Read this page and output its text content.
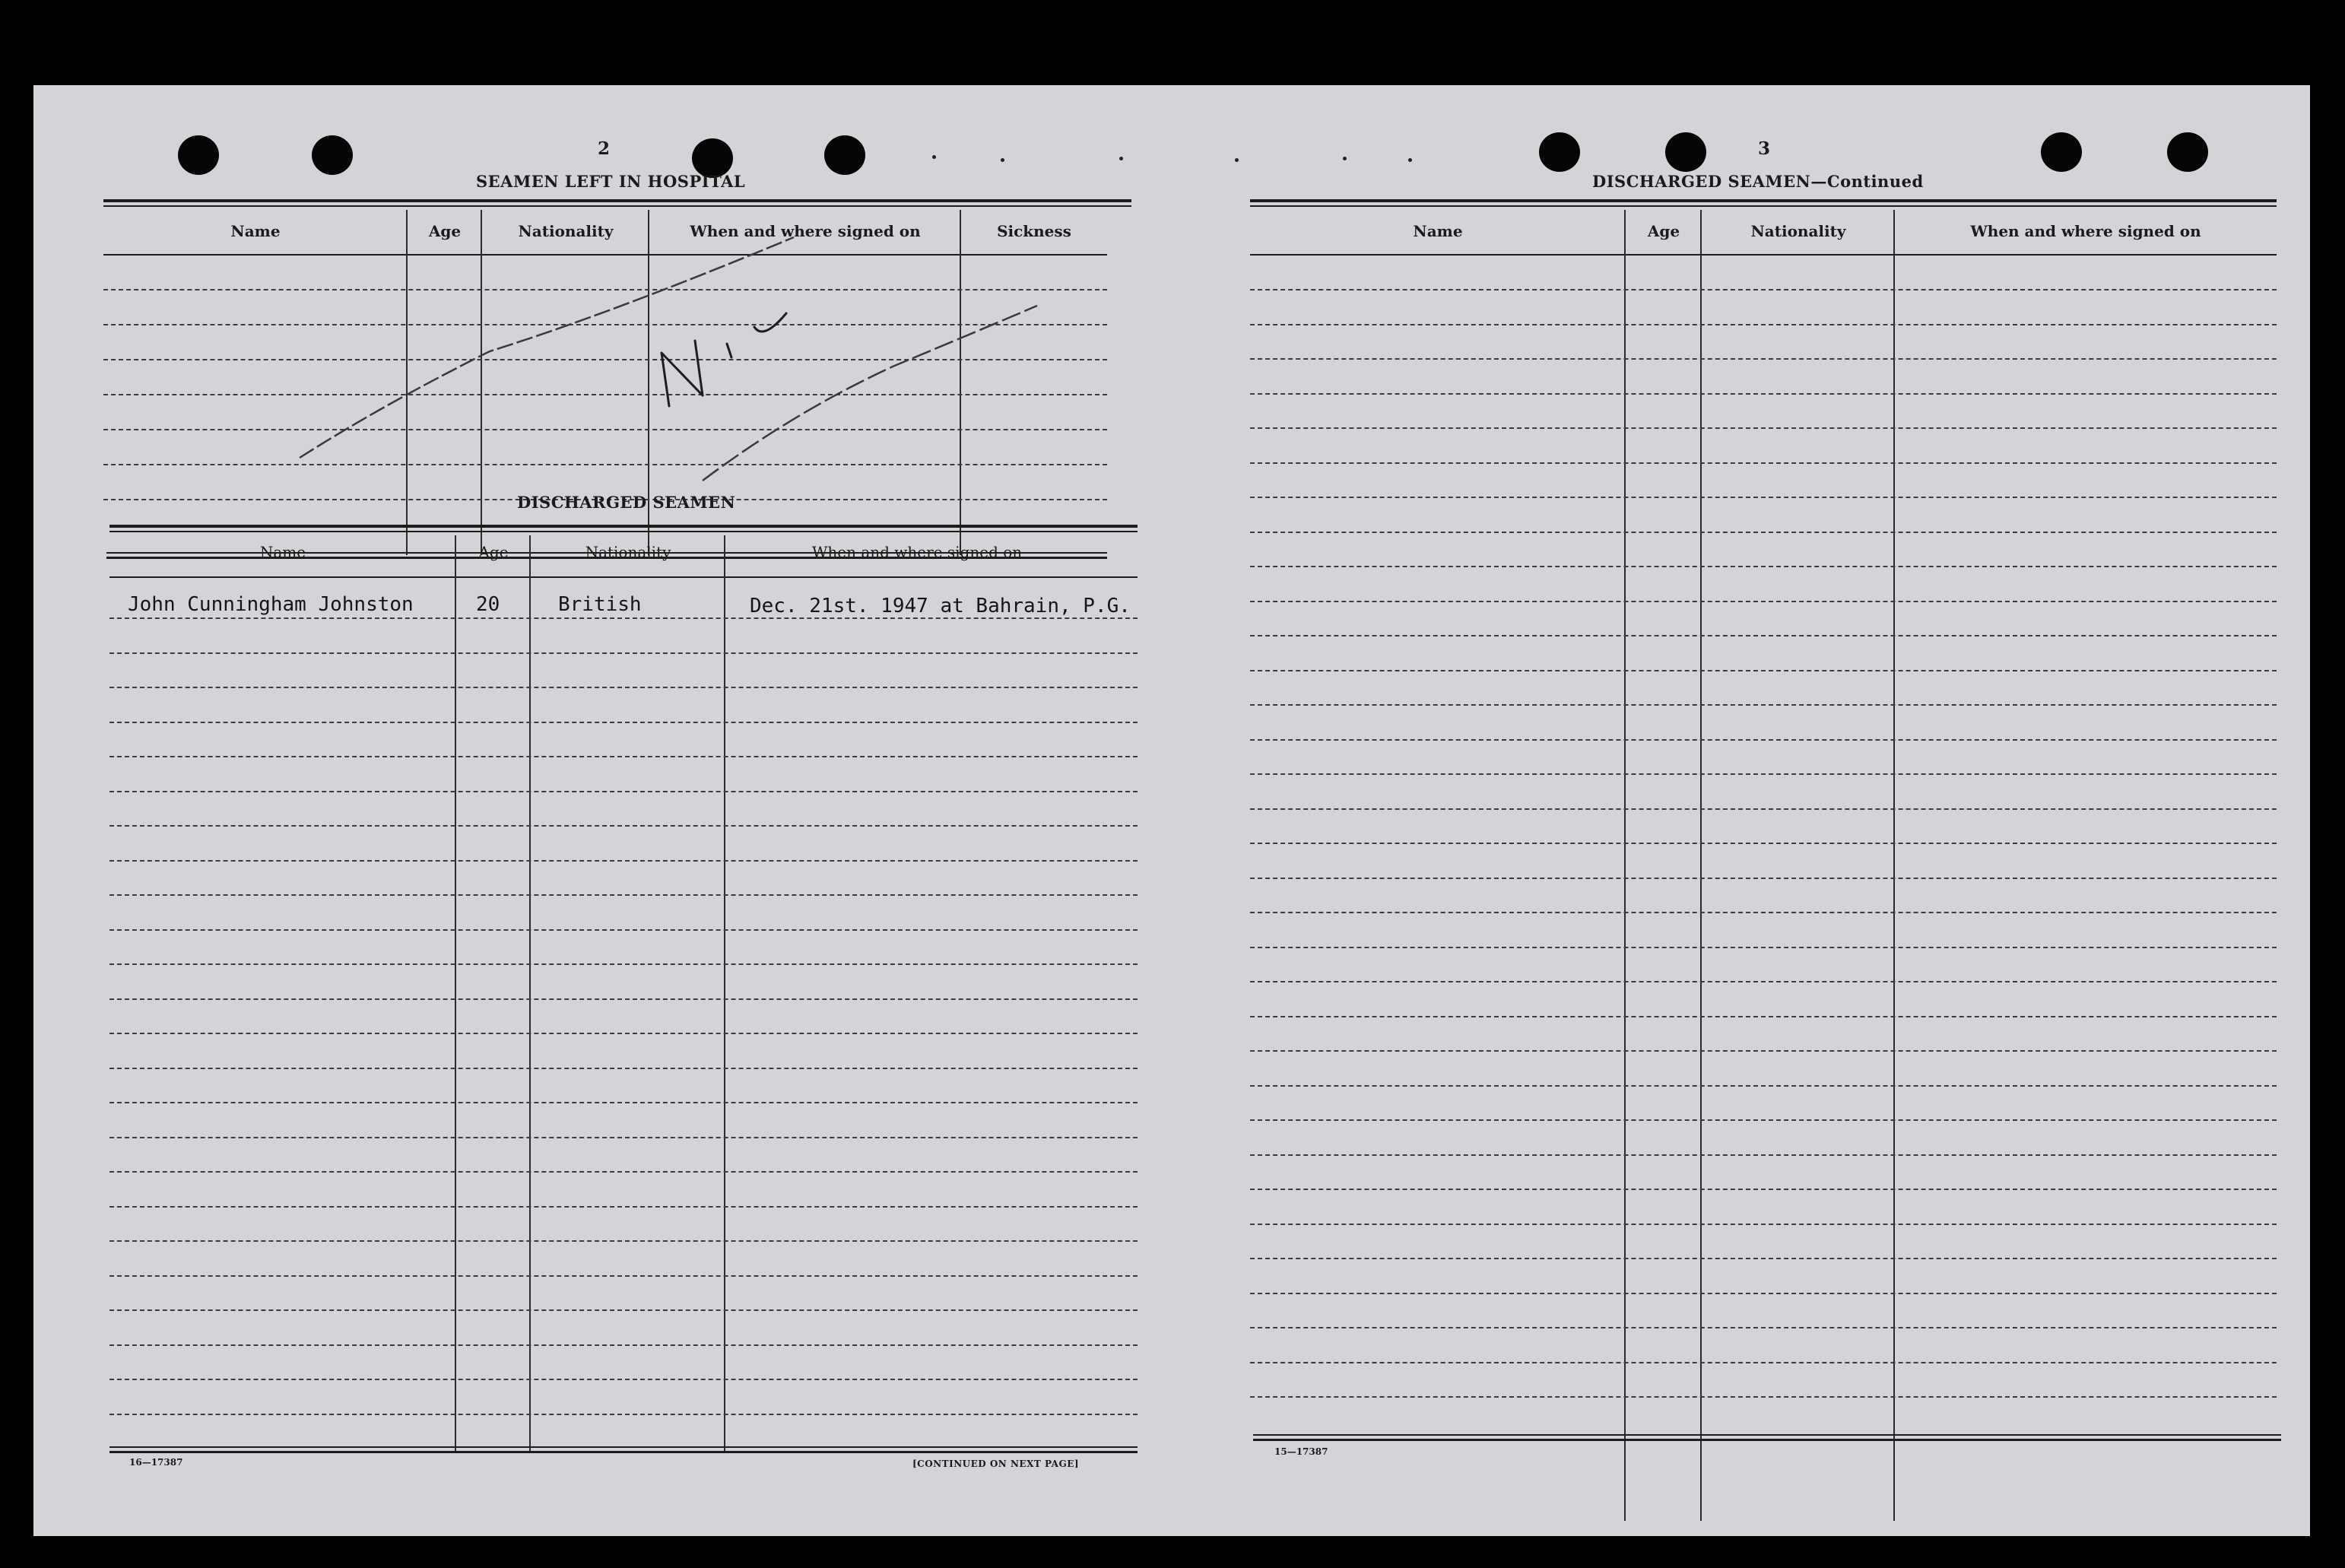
2
SEAMEN LEFT IN HOSPITAL
Name	Age	Nationality	When and where signed on	Sickness
DISCHARGED SEAMEN
Name	Age	Nationality	When and where signed on
John Cunningham Johnston	20	British	Dec. 21st. 1947 at Bahrain, P.G.
16—17387	[CONTINUED ON NEXT PAGE]
3
DISCHARGED SEAMEN—Continued
Name	Age	Nationality	When and where signed on
15—17387
